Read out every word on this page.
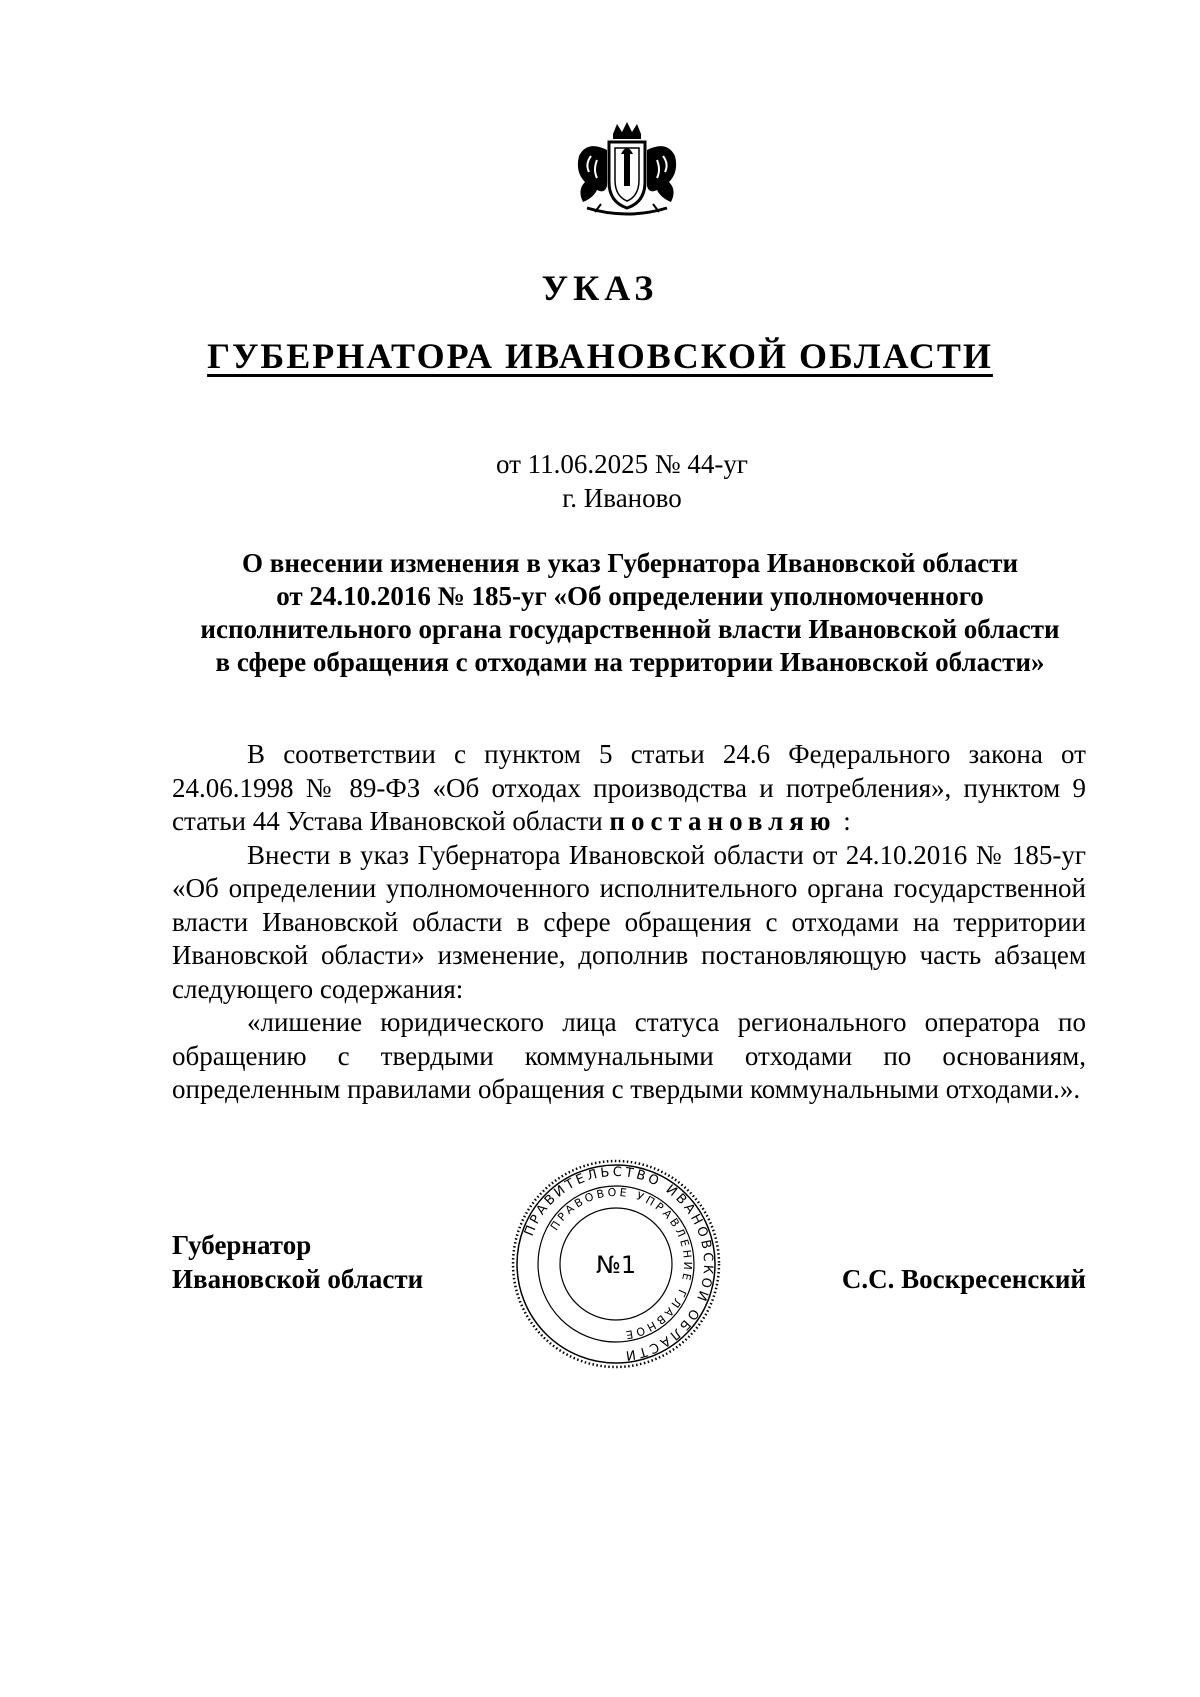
УКАЗ
ГУБЕРНАТОРА ИВАНОВСКОЙ ОБЛАСТИ
от 11.06.2025 № 44-уг
г. Иваново
О внесении изменения в указ Губернатора Ивановской области
от 24.10.2016 № 185-уг «Об определении уполномоченного
исполнительного органа государственной власти Ивановской области
в сфере обращения с отходами на территории Ивановской области»

В соответствии с пунктом 5 статьи 24.6 Федерального закона от 24.06.1998 № 89-ФЗ «Об отходах производства и потребления», пунктом 9 статьи 44 Устава Ивановской области постановляю :

Внести в указ Губернатора Ивановской области от 24.10.2016 № 185-уг «Об определении уполномоченного исполнительного органа государственной власти Ивановской области в сфере обращения с отходами на территории Ивановской области» изменение, дополнив постановляющую часть абзацем следующего содержания:

«лишение юридического лица статуса регионального оператора по обращению с твердыми коммунальными отходами по основаниям, определенным правилами обращения с твердыми коммунальными отходами.».

Губернатор
Ивановской области	С.С. Воскресенский
ПРАВИТЕЛЬСТВО ИВАНОВСКОЙ ОБЛАСТИ
ПРАВОВОЕ УПРАВЛЕНИЕ ГЛАВНОЕ
№1
